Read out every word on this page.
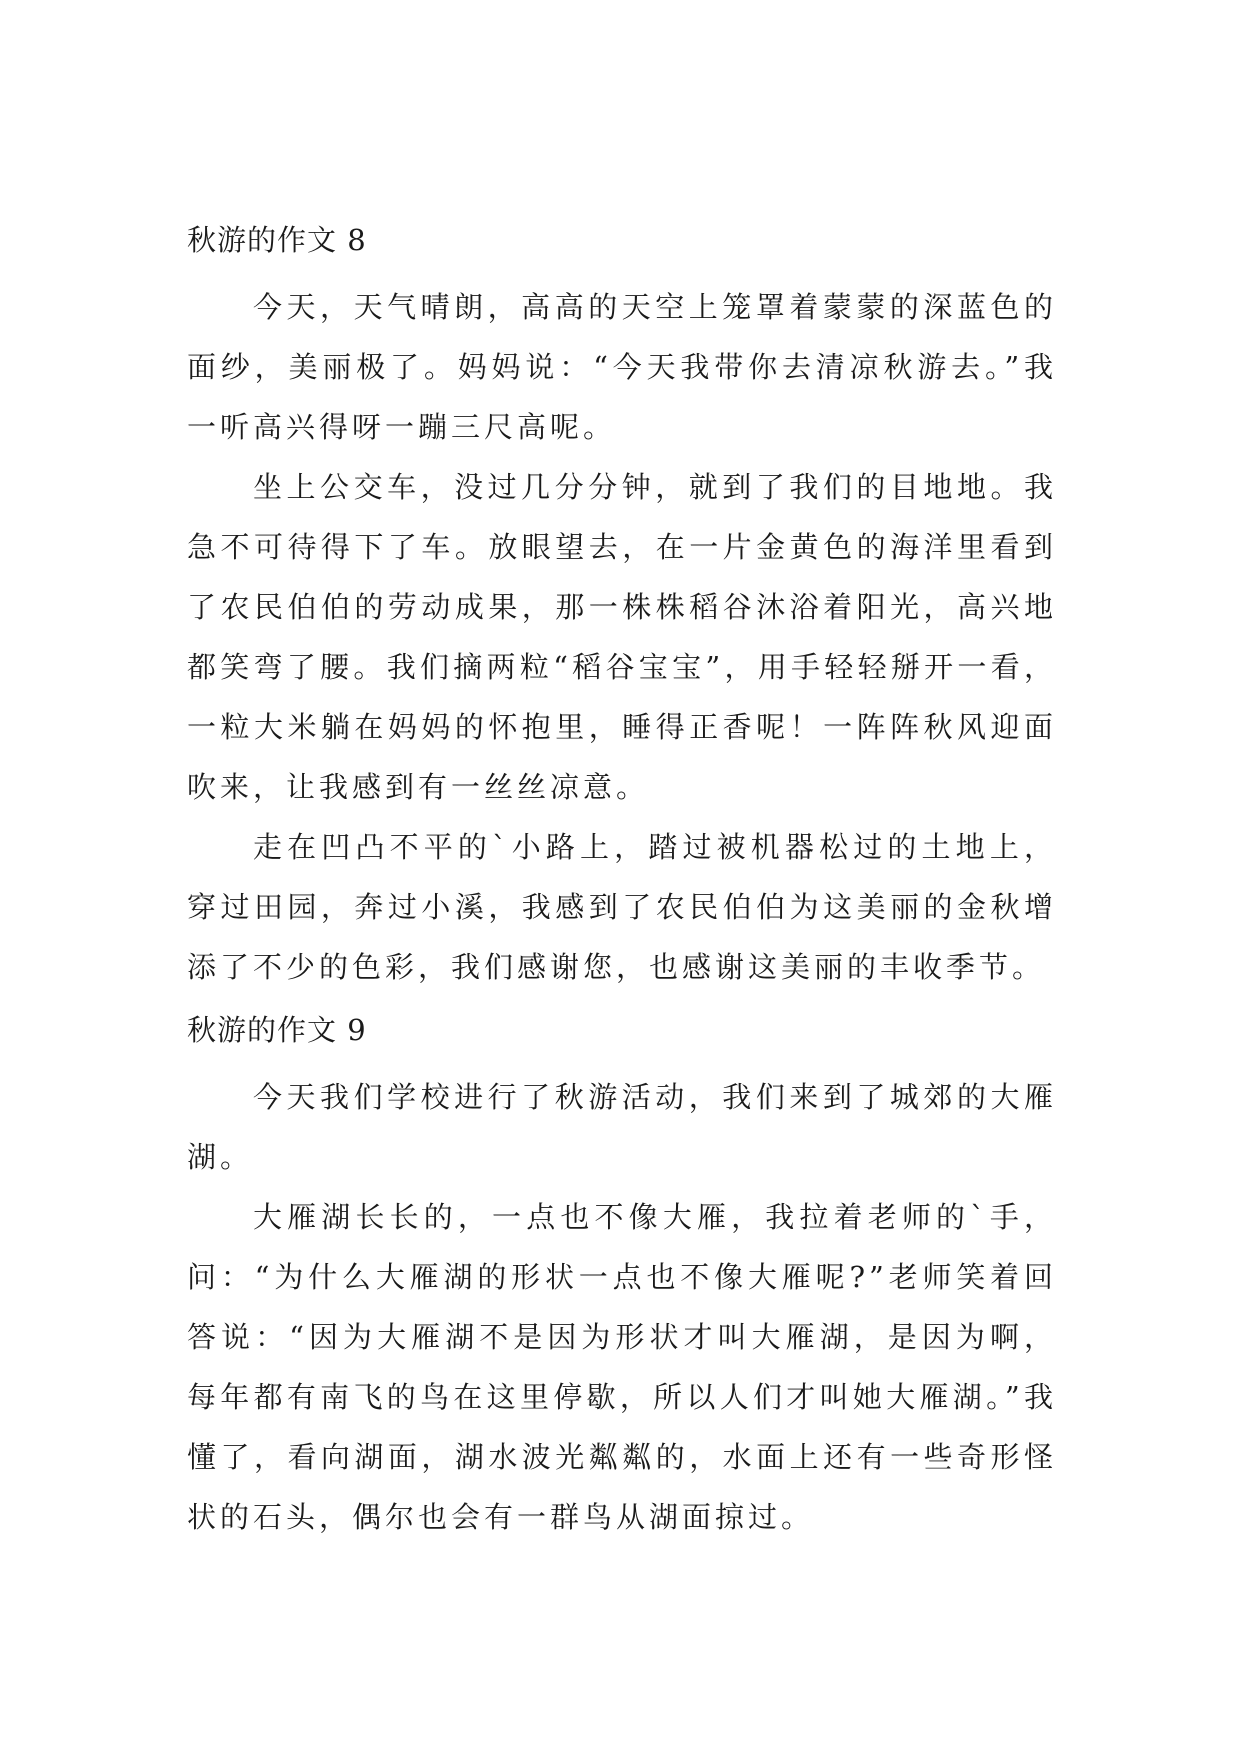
秋游的作文 8

今天，天气晴朗，高高的天空上笼罩着蒙蒙的深蓝色的面纱，美丽极了。妈妈说：“今天我带你去清凉秋游去。”我一听高兴得呀一蹦三尺高呢。

坐上公交车，没过几分分钟，就到了我们的目地地。我急不可待得下了车。放眼望去，在一片金黄色的海洋里看到了农民伯伯的劳动成果，那一株株稻谷沐浴着阳光，高兴地都笑弯了腰。我们摘两粒“稻谷宝宝”，用手轻轻掰开一看，一粒大米躺在妈妈的怀抱里，睡得正香呢！一阵阵秋风迎面吹来，让我感到有一丝丝凉意。

走在凹凸不平的`小路上，踏过被机器松过的土地上，穿过田园，奔过小溪，我感到了农民伯伯为这美丽的金秋增添了不少的色彩，我们感谢您，也感谢这美丽的丰收季节。

秋游的作文 9

今天我们学校进行了秋游活动，我们来到了城郊的大雁湖。

大雁湖长长的，一点也不像大雁，我拉着老师的`手，问：“为什么大雁湖的形状一点也不像大雁呢?”老师笑着回答说：“因为大雁湖不是因为形状才叫大雁湖，是因为啊，每年都有南飞的鸟在这里停歇，所以人们才叫她大雁湖。”我懂了，看向湖面，湖水波光粼粼的，水面上还有一些奇形怪状的石头，偶尔也会有一群鸟从湖面掠过。
